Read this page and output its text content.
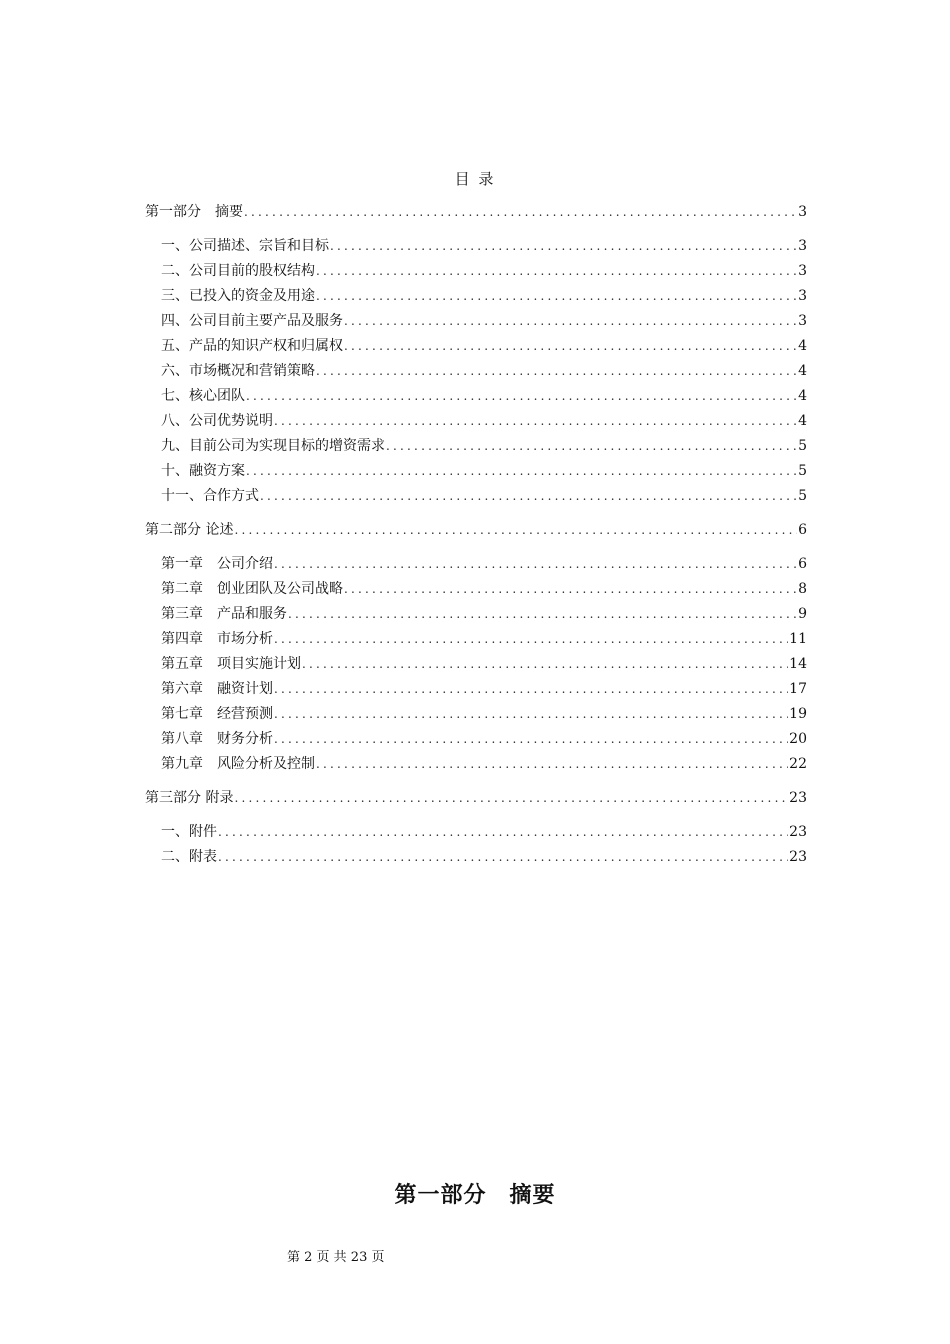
目 录
第一部分　摘要 .....	3
一、公司描述、宗旨和目标 .....	3
二、公司目前的股权结构 .....	3
三、已投入的资金及用途 .....	3
四、公司目前主要产品及服务 .....	3
五、产品的知识产权和归属权 .....	4
六、市场概况和营销策略 .....	4
七、核心团队 .....	4
八、公司优势说明 .....	4
九、目前公司为实现目标的增资需求 .....	5
十、融资方案 .....	5
十一、合作方式 .....	5
第二部分 论述 .....	6
第一章　公司介绍 .....	6
第二章　创业团队及公司战略 .....	8
第三章　产品和服务 .....	9
第四章　市场分析 .....	11
第五章　项目实施计划 .....	14
第六章　融资计划 .....	17
第七章　经营预测 .....	19
第八章　财务分析 .....	20
第九章　风险分析及控制 .....	22
第三部分 附录 .....	23
一、附件 .....	23
二、附表 .....	23
第一部分　摘要
第 2 页 共 23 页
